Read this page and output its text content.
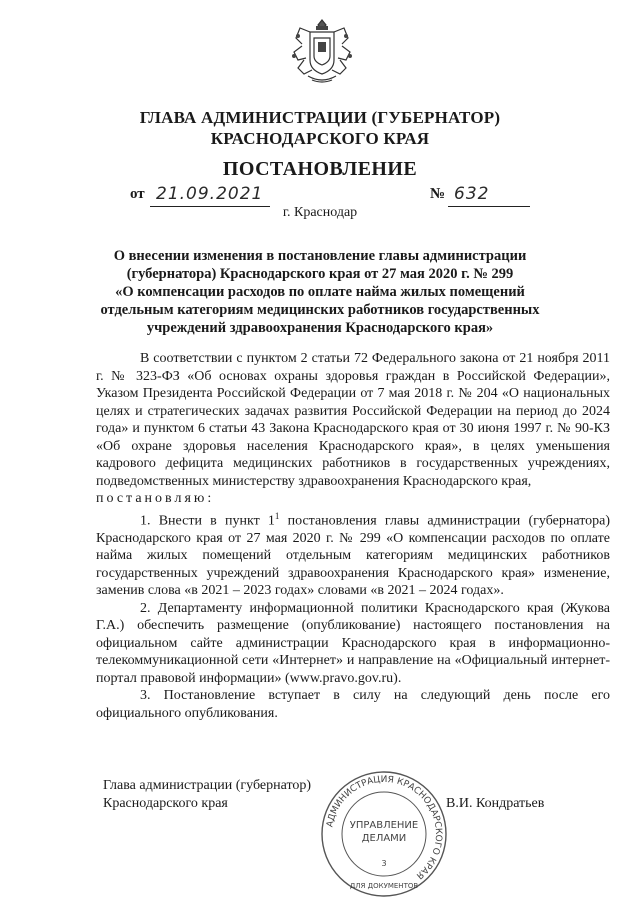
ГЛАВА АДМИНИСТРАЦИИ (ГУБЕРНАТОР)
КРАСНОДАРСКОГО КРАЯ
ПОСТАНОВЛЕНИЕ
от 21.09.2021	№ 632
г. Краснодар
О внесении изменения в постановление главы администрации
(губернатора) Краснодарского края от 27 мая 2020 г. № 299
«О компенсации расходов по оплате найма жилых помещений
отдельным категориям медицинских работников государственных
учреждений здравоохранения Краснодарского края»

В соответствии с пунктом 2 статьи 72 Федерального закона от 21 ноября 2011 г. № 323-ФЗ «Об основах охраны здоровья граждан в Российской Федерации», Указом Президента Российской Федерации от 7 мая 2018 г. № 204 «О национальных целях и стратегических задачах развития Российской Федерации на период до 2024 года» и пунктом 6 статьи 43 Закона Краснодарского края от 30 июня 1997 г. № 90-КЗ «Об охране здоровья населения Краснодарского края», в целях уменьшения кадрового дефицита медицинских работников в государственных учреждениях, подведомственных министерству здравоохранения Краснодарского края,

постановляю:

1. Внести в пункт $1^1$ постановления главы администрации (губернатора) Краснодарского края от 27 мая 2020 г. № 299 «О компенсации расходов по оплате найма жилых помещений отдельным категориям медицинских работников государственных учреждений здравоохранения Краснодарского края» изменение, заменив слова «в 2021 – 2023 годах» словами «в 2021 – 2024 годах».

2. Департаменту информационной политики Краснодарского края (Жукова Г.А.) обеспечить размещение (опубликование) настоящего постановления на официальном сайте администрации Краснодарского края в информационно-телекоммуникационной сети «Интернет» и направление на «Официальный интернет-портал правовой информации» (www.pravo.gov.ru).

3. Постановление вступает в силу на следующий день после его официального опубликования.

Глава администрации (губернатор)
Краснодарского края	В.И. Кондратьев
АДМИНИСТРАЦИЯ КРАСНОДАРСКОГО КРАЯ
УПРАВЛЕНИЕ
ДЕЛАМИ
3
ДЛЯ ДОКУМЕНТОВ
